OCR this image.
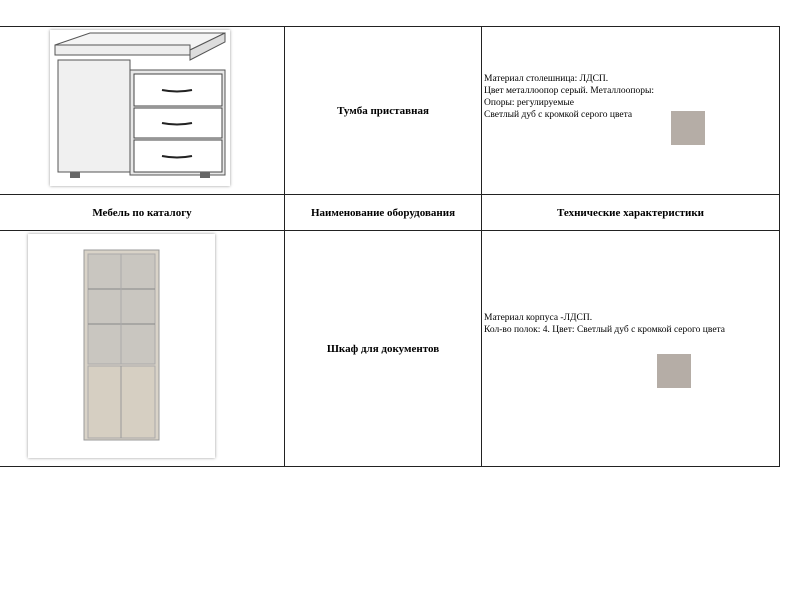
Тумба приставная
Материал столешница: ЛДСП.
Цвет металлоопор серый. Металлоопоры:
Опоры: регулируемые
Светлый дуб с кромкой серого цвета
Мебель по каталогу	Наименование оборудования	Технические характеристики
Шкаф для документов
Материал корпуса -ЛДСП.
Кол-во полок: 4. Цвет: Светлый дуб с кромкой серого цвета
